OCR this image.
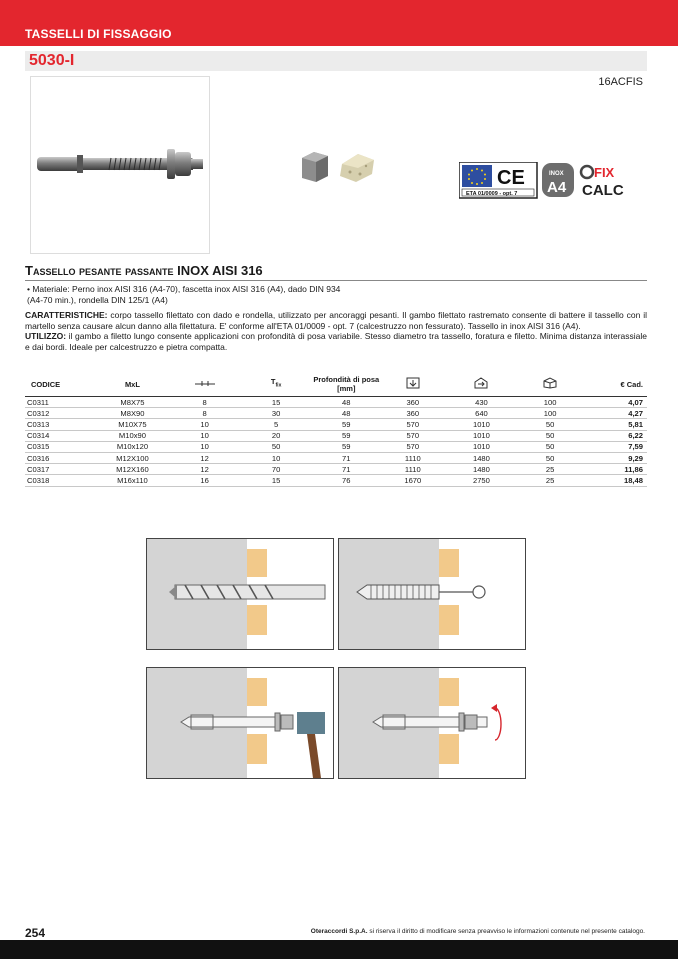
TASSELLI DI FISSAGGIO
5030-I
16ACFIS
CE
ETA 01/0009 - opt. 7
INOX
A4
FIX
CALC
Tassello pesante passante INOX AISI 316
• Materiale: Perno inox AISI 316 (A4-70), fascetta inox AISI 316 (A4), dado DIN 934 (A4-70 min.), rondella DIN 125/1 (A4)
CARATTERISTICHE: corpo tassello filettato con dado e rondella, utilizzato per ancoraggi pesanti. Il gambo filettato rastremato consente di battere il tassello con il martello senza causare alcun danno alla filettatura. E' conforme all'ETA 01/0009 - opt. 7 (calcestruzzo non fessurato). Tassello in inox AISI 316 (A4).
UTILIZZO: il gambo a filetto lungo consente applicazioni con profondità di posa variabile. Stesso diametro tra tassello, foratura e filetto. Minima distanza interassiale e dai bordi. Ideale per calcestruzzo e pietra compatta.
CODICE	MxL		$T_{fix}$	Profondità di posa [mm]				€ Cad.
C0311	M8X75	8	15	48	360	430	100	4,07
C0312	M8X90	8	30	48	360	640	100	4,27
C0313	M10X75	10	5	59	570	1010	50	5,81
C0314	M10x90	10	20	59	570	1010	50	6,22
C0315	M10x120	10	50	59	570	1010	50	7,59
C0316	M12X100	12	10	71	1110	1480	50	9,29
C0317	M12X160	12	70	71	1110	1480	25	11,86
C0318	M16x110	16	15	76	1670	2750	25	18,48
254	Oteraccordi S.p.A. si riserva il diritto di modificare senza preavviso le informazioni contenute nel presente catalogo.
